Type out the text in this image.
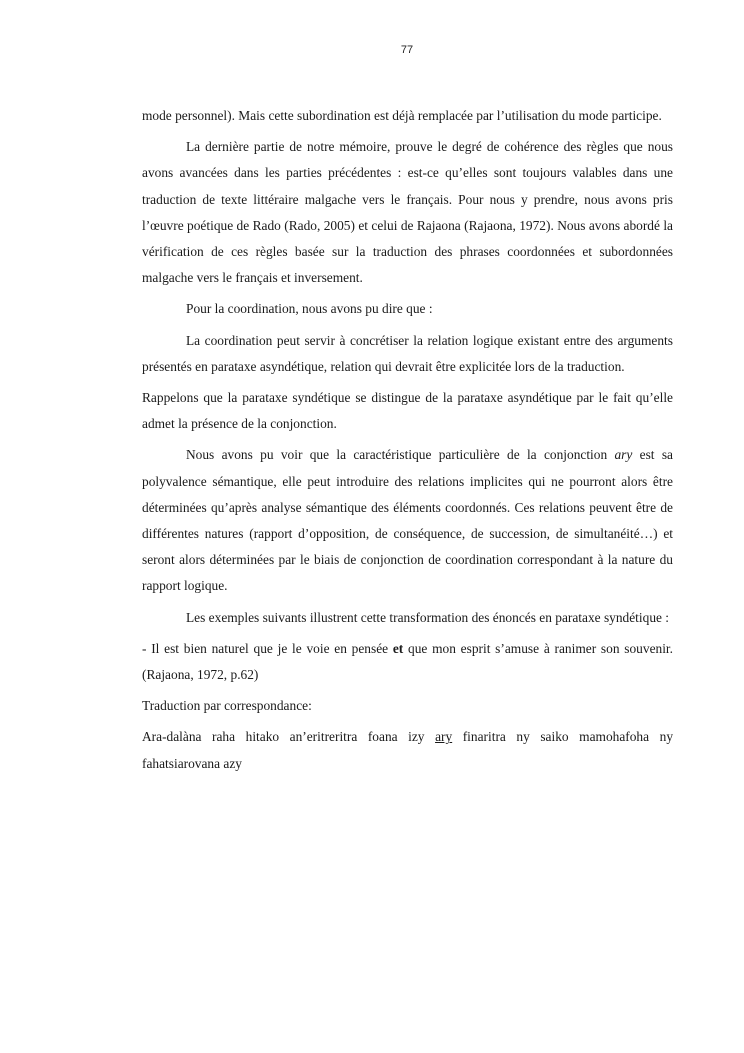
77

mode personnel). Mais cette subordination est déjà remplacée par l’utilisation du mode participe.

La dernière partie de notre mémoire, prouve le degré de cohérence des règles que nous avons avancées dans les parties précédentes : est-ce qu’elles sont toujours valables dans une traduction de texte littéraire malgache vers le français. Pour nous y prendre, nous avons pris l’œuvre poétique de Rado (Rado, 2005) et celui de Rajaona (Rajaona, 1972). Nous avons abordé la vérification de ces règles basée sur la traduction des phrases coordonnées et subordonnées malgache vers le français et inversement.

Pour la coordination, nous avons pu dire que :

La coordination peut servir à concrétiser la relation logique existant entre des arguments présentés en parataxe asyndétique, relation qui devrait être explicitée lors de la traduction.

Rappelons que la parataxe syndétique se distingue de la parataxe asyndétique par le fait qu’elle admet la présence de la conjonction.

Nous avons pu voir que la caractéristique particulière de la conjonction ary est sa polyvalence sémantique, elle peut introduire des relations implicites qui ne pourront alors être déterminées qu’après analyse sémantique des éléments coordonnés. Ces relations peuvent être de différentes natures (rapport d’opposition, de conséquence, de succession, de simultanéité…) et seront alors déterminées par le biais de conjonction de coordination correspondant à la nature du rapport logique.

Les exemples suivants illustrent cette transformation des énoncés en parataxe syndétique :

- Il est bien naturel que je le voie en pensée et que mon esprit s’amuse à ranimer son souvenir. (Rajaona, 1972, p.62)

Traduction par correspondance:

Ara-dalàna raha hitako an’eritreritra foana izy ary finaritra ny saiko mamohafoha ny fahatsiarovana azy
